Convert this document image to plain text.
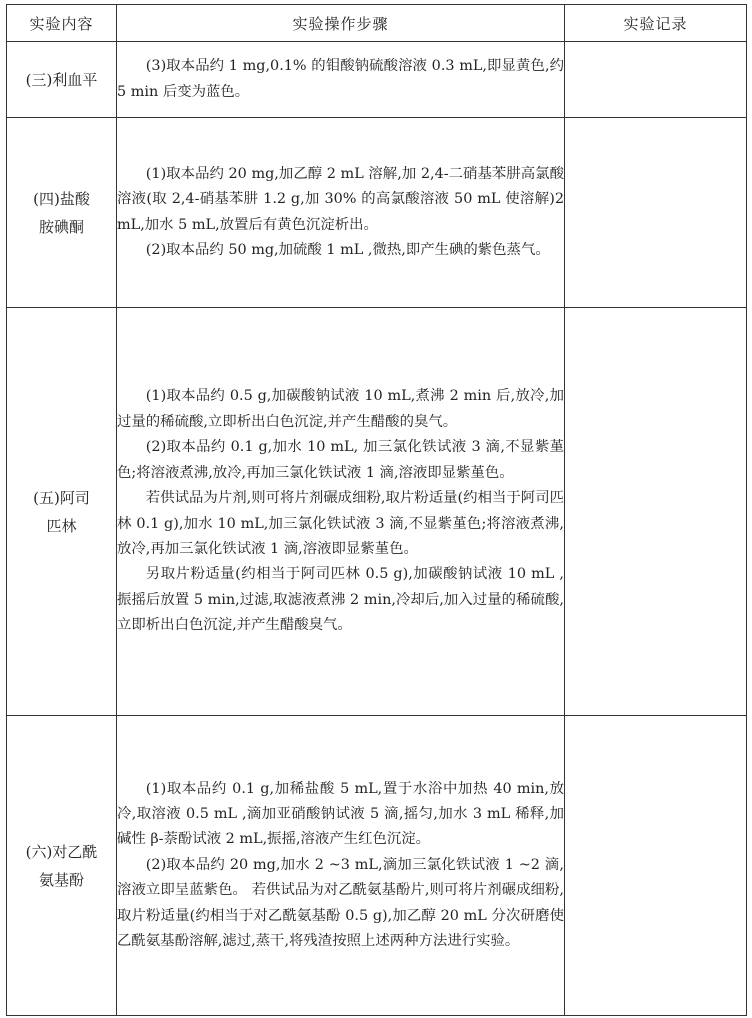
实验内容	实验操作步骤	实验记录
(三)利血平	(3)取本品约 1 mg,0.1% 的钼酸钠硫酸溶液 0.3 mL,即显黄色,约 5 min 后变为蓝色。	

(四)盐酸胺碘酮	(1)取本品约 20 mg,加乙醇 2 mL 溶解,加 2,4-二硝基苯肼高氯酸溶液(取 2,4-硝基苯肼 1.2 g,加 30% 的高氯酸溶液 50 mL 使溶解)2 mL,加水 5 mL,放置后有黄色沉淀析出。

(2)取本品约 50 mg,加硫酸 1 mL ,微热,即产生碘的紫色蒸气。	

(五)阿司匹林	(1)取本品约 0.5 g,加碳酸钠试液 10 mL,煮沸 2 min 后,放冷,加过量的稀硫酸,立即析出白色沉淀,并产生醋酸的臭气。

(2)取本品约 0.1 g,加水 10 mL, 加三氯化铁试液 3 滴,不显紫堇色;将溶液煮沸,放冷,再加三氯化铁试液 1 滴,溶液即显紫堇色。

若供试品为片剂,则可将片剂碾成细粉,取片粉适量(约相当于阿司匹林 0.1 g),加水 10 mL,加三氯化铁试液 3 滴,不显紫堇色;将溶液煮沸,放冷,再加三氯化铁试液 1 滴,溶液即显紫堇色。

另取片粉适量(约相当于阿司匹林 0.5 g),加碳酸钠试液 10 mL ,振摇后放置 5 min,过滤,取滤液煮沸 2 min,冷却后,加入过量的稀硫酸,立即析出白色沉淀,并产生醋酸臭气。	

(六)对乙酰氨基酚	(1)取本品约 0.1 g,加稀盐酸 5 mL,置于水浴中加热 40 min,放冷,取溶液 0.5 mL ,滴加亚硝酸钠试液 5 滴,摇匀,加水 3 mL 稀释,加碱性 β-萘酚试液 2 mL,振摇,溶液产生红色沉淀。

(2)取本品约 20 mg,加水 2 ~3 mL,滴加三氯化铁试液 1 ~2 滴,溶液立即呈蓝紫色。 若供试品为对乙酰氨基酚片,则可将片剂碾成细粉,取片粉适量(约相当于对乙酰氨基酚 0.5 g),加乙醇 20 mL 分次研磨使乙酰氨基酚溶解,滤过,蒸干,将残渣按照上述两种方法进行实验。	
